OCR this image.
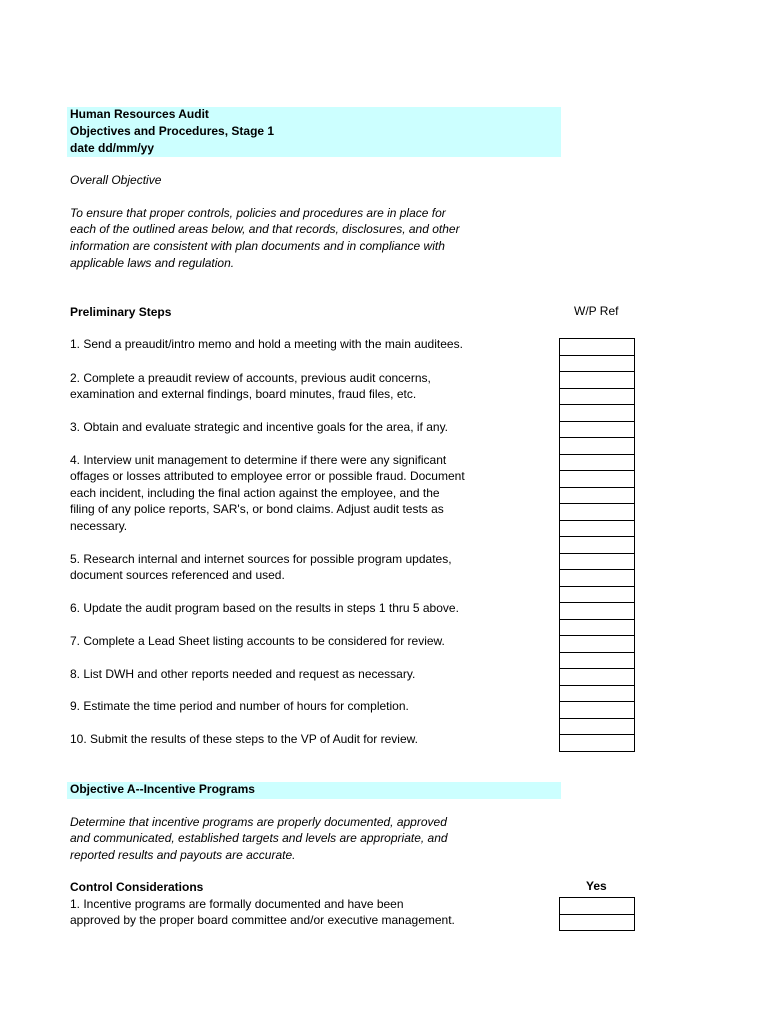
Human Resources Audit
Objectives and Procedures, Stage 1
date dd/mm/yy
Overall Objective
To ensure that proper controls, policies and procedures are in place for
each of the outlined areas below, and that records, disclosures, and other
information are consistent with plan documents and in compliance with
applicable laws and regulation.
Preliminary Steps	W/P Ref
1. Send a preaudit/intro memo and hold a meeting with the main auditees.
2. Complete a preaudit review of accounts, previous audit concerns,
examination and external findings, board minutes, fraud files, etc.
3. Obtain and evaluate strategic and incentive goals for the area, if any.
4. Interview unit management to determine if there were any significant
offages or losses attributed to employee error or possible fraud. Document
each incident, including the final action against the employee, and the
filing of any police reports, SAR's, or bond claims. Adjust audit tests as
necessary.
5. Research internal and internet sources for possible program updates,
document sources referenced and used.
6. Update the audit program based on the results in steps 1 thru 5 above.
7. Complete a Lead Sheet listing accounts to be considered for review.
8. List DWH and other reports needed and request as necessary.
9. Estimate the time period and number of hours for completion.
10. Submit the results of these steps to the VP of Audit for review.
Objective A--Incentive Programs
Determine that incentive programs are properly documented, approved
and communicated, established targets and levels are appropriate, and
reported results and payouts are accurate.
Control Considerations	Yes
1. Incentive programs are formally documented and have been
approved by the proper board committee and/or executive management.
